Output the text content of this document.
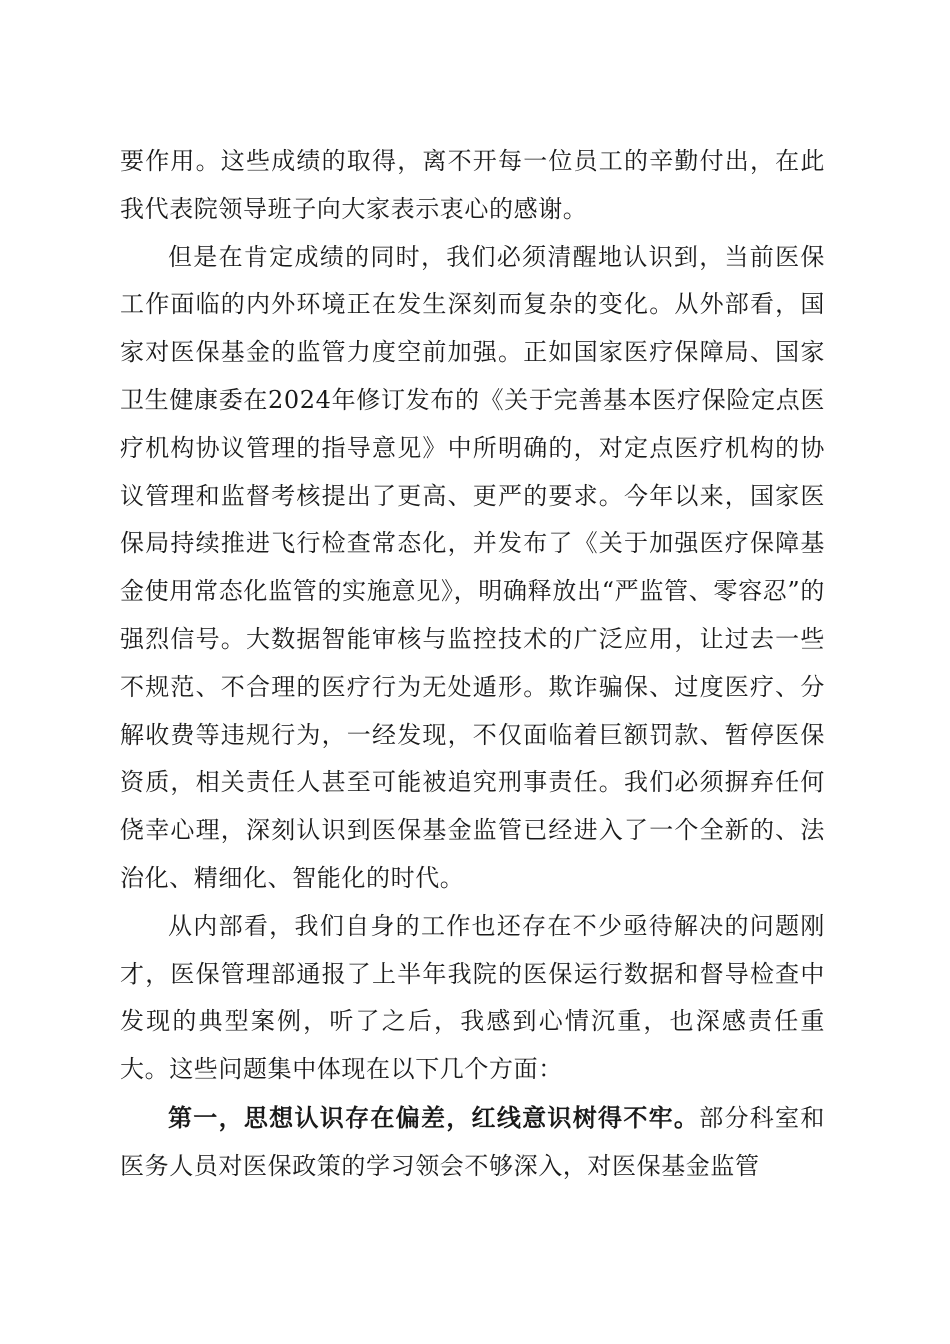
要作用。这些成绩的取得，离不开每一位员工的辛勤付出，在此我代表院领导班子向大家表示衷心的感谢。

但是在肯定成绩的同时，我们必须清醒地认识到，当前医保工作面临的内外环境正在发生深刻而复杂的变化。从外部看，国家对医保基金的监管力度空前加强。正如国家医疗保障局、国家卫生健康委在2024年修订发布的《关于完善基本医疗保险定点医疗机构协议管理的指导意见》中所明确的，对定点医疗机构的协议管理和监督考核提出了更高、更严的要求。今年以来，国家医保局持续推进飞行检查常态化，并发布了《关于加强医疗保障基金使用常态化监管的实施意见》，明确释放出“严监管、零容忍”的强烈信号。大数据智能审核与监控技术的广泛应用，让过去一些不规范、不合理的医疗行为无处遁形。欺诈骗保、过度医疗、分解收费等违规行为，一经发现，不仅面临着巨额罚款、暂停医保资质，相关责任人甚至可能被追究刑事责任。我们必须摒弃任何侥幸心理，深刻认识到医保基金监管已经进入了一个全新的、法治化、精细化、智能化的时代。

从内部看，我们自身的工作也还存在不少亟待解决的问题刚才，医保管理部通报了上半年我院的医保运行数据和督导检查中发现的典型案例，听了之后，我感到心情沉重，也深感责任重大。这些问题集中体现在以下几个方面：

第一，思想认识存在偏差，红线意识树得不牢。部分科室和医务人员对医保政策的学习领会不够深入，对医保基金监管
